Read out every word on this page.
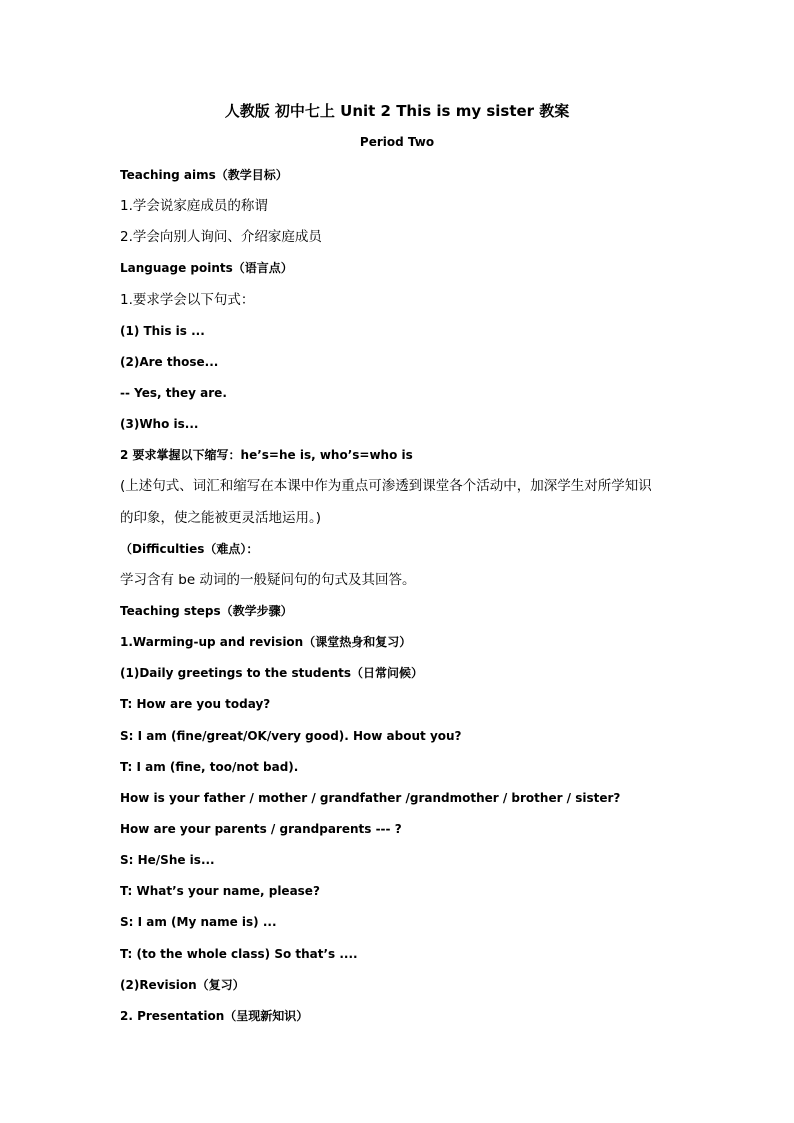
人教版 初中七上 Unit 2 This is my sister 教案
Period Two
Teaching aims（教学目标）
1.学会说家庭成员的称谓
2.学会向别人询问、介绍家庭成员
Language points（语言点）
1.要求学会以下句式：
(1) This is ...
(2)Are those...
-- Yes, they are.
(3)Who is...
2 要求掌握以下缩写：he’s=he is, who’s=who is
(上述句式、词汇和缩写在本课中作为重点可渗透到课堂各个活动中，加深学生对所学知识
的印象，使之能被更灵活地运用。)
（Difficulties（难点）：
学习含有 be 动词的一般疑问句的句式及其回答。
Teaching steps（教学步骤）
1.Warming-up and revision（课堂热身和复习）
(1)Daily greetings to the students（日常问候）
T: How are you today?
S: I am (fine/great/OK/very good). How about you?
T: I am (fine, too/not bad).
How is your father / mother / grandfather /grandmother / brother / sister?
How are your parents / grandparents --- ?
S: He/She is...
T: What’s your name, please?
S: I am (My name is) ...
T: (to the whole class) So that’s ....
(2)Revision（复习）
2. Presentation（呈现新知识）
